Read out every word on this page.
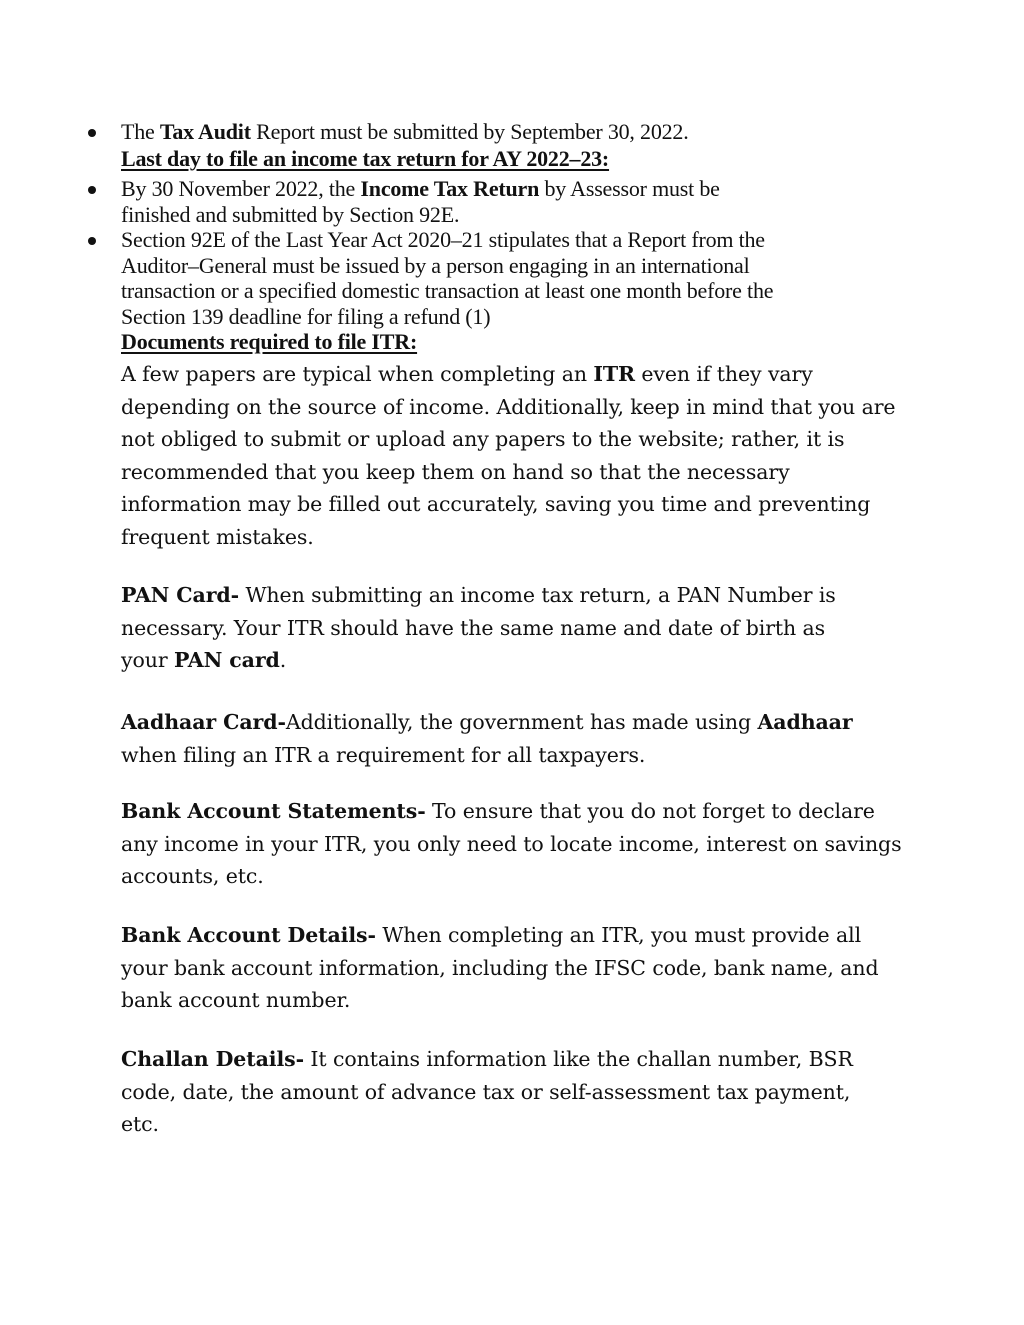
The Tax Audit Report must be submitted by September 30, 2022.
Last day to file an income tax return for AY 2022–23:
By 30 November 2022, the Income Tax Return by Assessor must be
finished and submitted by Section 92E.
Section 92E of the Last Year Act 2020–21 stipulates that a Report from the
Auditor–General must be issued by a person engaging in an international
transaction or a specified domestic transaction at least one month before the
Section 139 deadline for filing a refund (1)
Documents required to file ITR:
A few papers are typical when completing an ITR even if they vary depending on the source of income. Additionally, keep in mind that you are not obliged to submit or upload any papers to the website; rather, it is recommended that you keep them on hand so that the necessary information may be filled out accurately, saving you time and preventing frequent mistakes.
PAN Card- When submitting an income tax return, a PAN Number is necessary. Your ITR should have the same name and date of birth as your PAN card.
Aadhaar Card-Additionally, the government has made using Aadhaar when filing an ITR a requirement for all taxpayers.
Bank Account Statements- To ensure that you do not forget to declare any income in your ITR, you only need to locate income, interest on savings accounts, etc.
Bank Account Details- When completing an ITR, you must provide all your bank account information, including the IFSC code, bank name, and bank account number.
Challan Details- It contains information like the challan number, BSR code, date, the amount of advance tax or self-assessment tax payment, etc.
